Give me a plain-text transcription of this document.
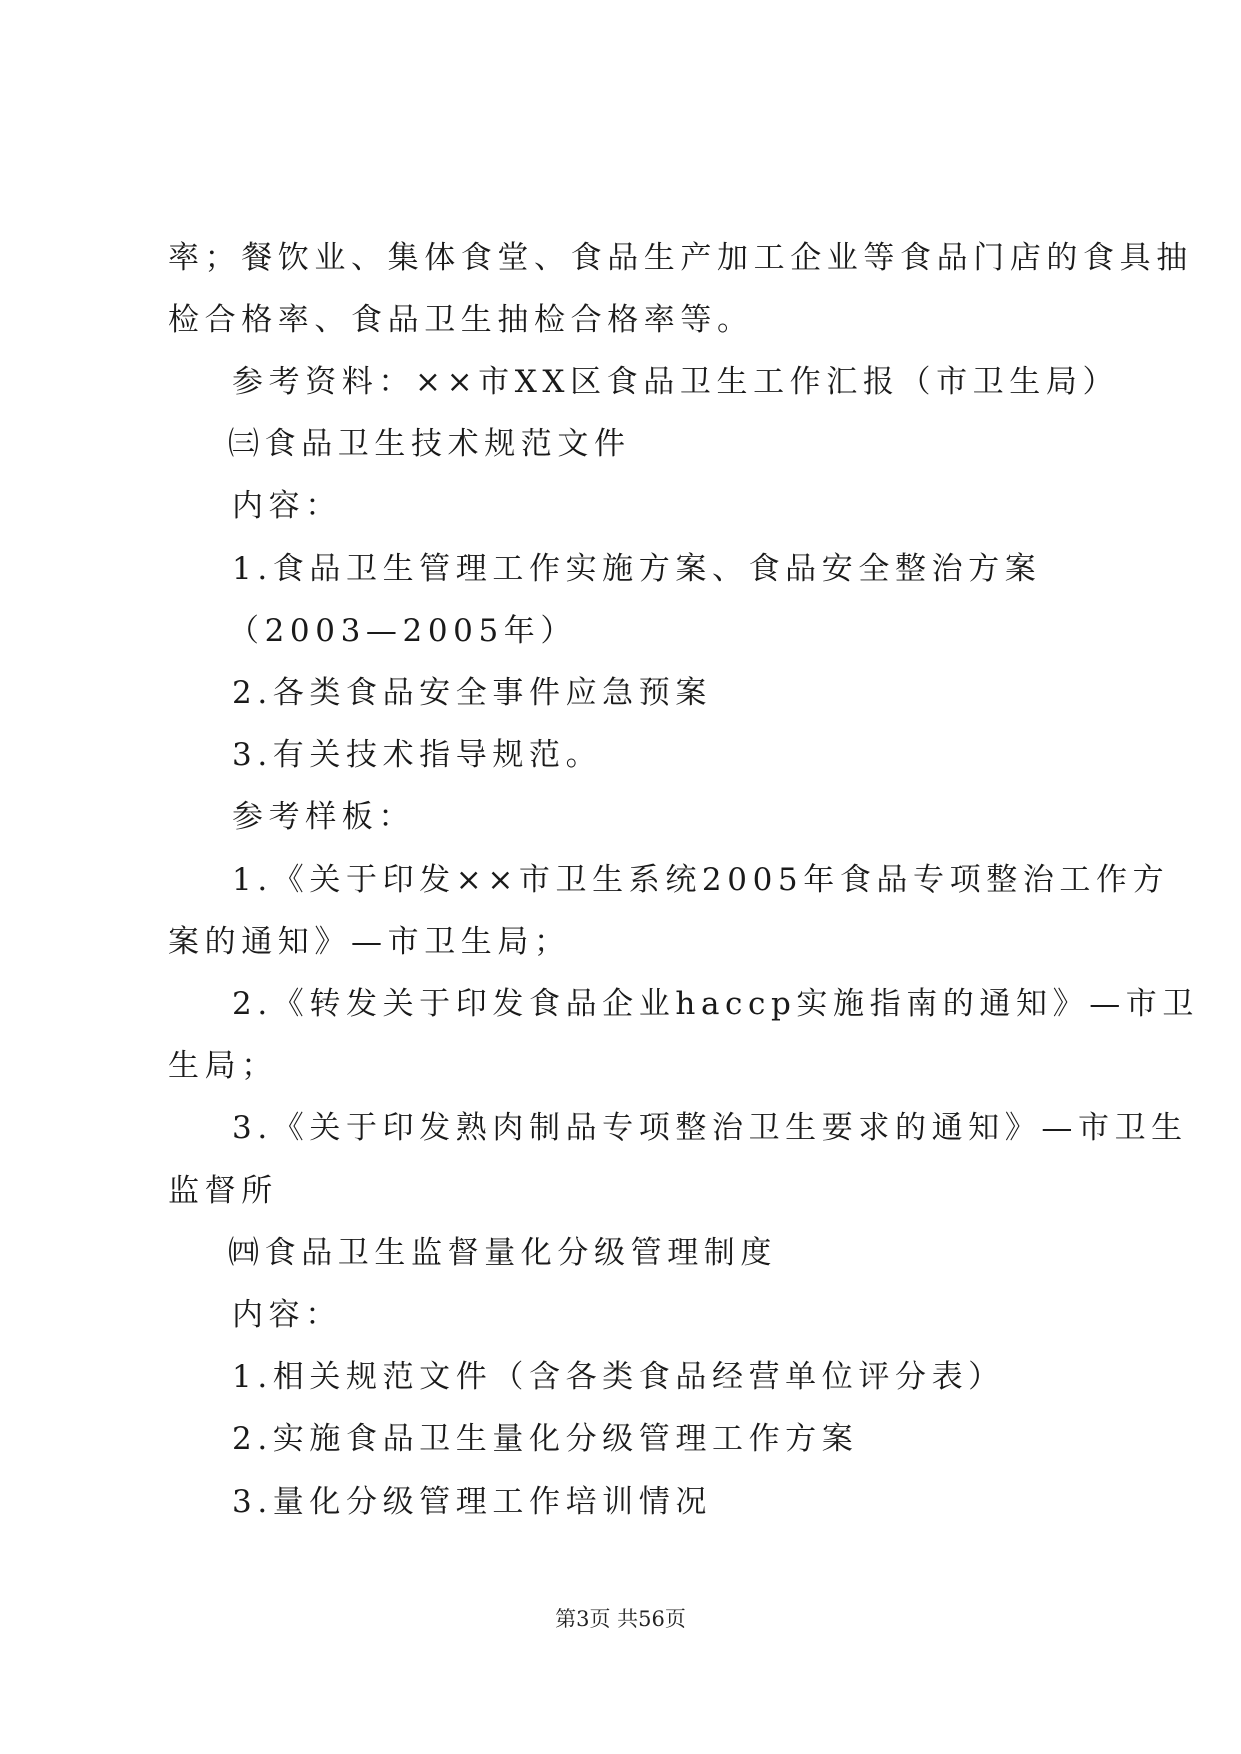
率；餐饮业、集体食堂、食品生产加工企业等食品门店的食具抽
检合格率、食品卫生抽检合格率等。
参考资料：××市XX区食品卫生工作汇报（市卫生局）
㈢食品卫生技术规范文件
内容：
1.食品卫生管理工作实施方案、食品安全整治方案
（2003—2005年）
2.各类食品安全事件应急预案
3.有关技术指导规范。
参考样板：
1.《关于印发××市卫生系统2005年食品专项整治工作方
案的通知》—市卫生局；
2.《转发关于印发食品企业haccp实施指南的通知》—市卫
生局；
3.《关于印发熟肉制品专项整治卫生要求的通知》—市卫生
监督所
㈣食品卫生监督量化分级管理制度
内容：
1.相关规范文件（含各类食品经营单位评分表）
2.实施食品卫生量化分级管理工作方案
3.量化分级管理工作培训情况
第3页 共56页
